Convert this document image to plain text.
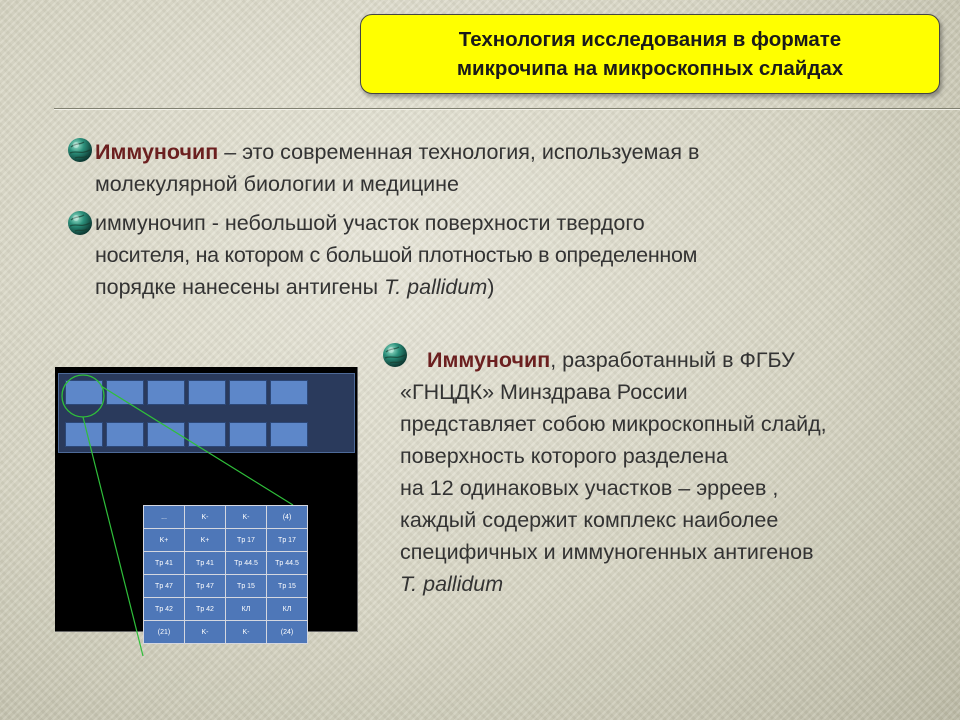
Технология исследования в формате
микрочипа на микроскопных слайдах
Иммуночип – это современная технология, используемая в
молекулярной биологии и медицине
иммуночип - небольшой участок поверхности твердого
носителя, на котором с большой плотностью в определенном
порядке нанесены антигены T. pallidum)
Иммуночип, разработанный в ФГБУ
«ГНЦДК» Минздрава России
представляет собою микроскопный слайд,
поверхность которого разделена
на 12 одинаковых участков – эрреев ,
каждый содержит комплекс наиболее
специфичных и иммуногенных антигенов
T. pallidum
...	K-	K-	(4)
K+	K+	Tp 17	Tp 17
Tp 41	Tp 41	Tp 44.5	Tp 44.5
Tp 47	Tp 47	Tp 15	Tp 15
Tp 42	Tp 42	КЛ	КЛ
(21)	K-	K-	(24)
